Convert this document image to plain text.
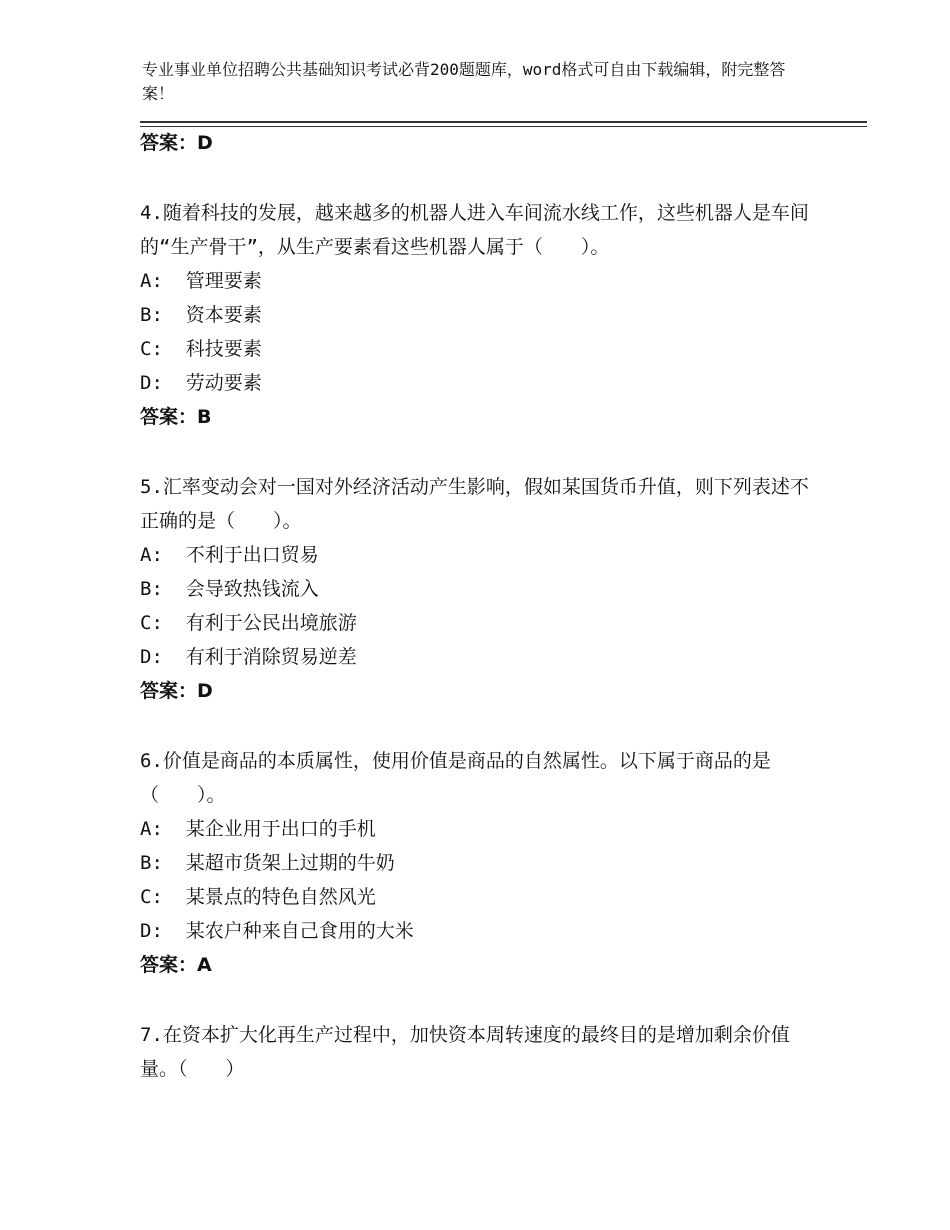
专业事业单位招聘公共基础知识考试必背200题题库，word格式可自由下载编辑，附完整答案！

答案：D

4.随着科技的发展，越来越多的机器人进入车间流水线工作，这些机器人是车间的“生产骨干”，从生产要素看这些机器人属于（　　）。

A:  管理要素

B:  资本要素

C:  科技要素

D:  劳动要素

答案：B

5.汇率变动会对一国对外经济活动产生影响，假如某国货币升值，则下列表述不正确的是（　　）。

A:  不利于出口贸易

B:  会导致热钱流入

C:  有利于公民出境旅游

D:  有利于消除贸易逆差

答案：D

6.价值是商品的本质属性，使用价值是商品的自然属性。以下属于商品的是（　　）。

A:  某企业用于出口的手机

B:  某超市货架上过期的牛奶

C:  某景点的特色自然风光

D:  某农户种来自己食用的大米

答案：A

7.在资本扩大化再生产过程中，加快资本周转速度的最终目的是增加剩余价值量。（　　）
